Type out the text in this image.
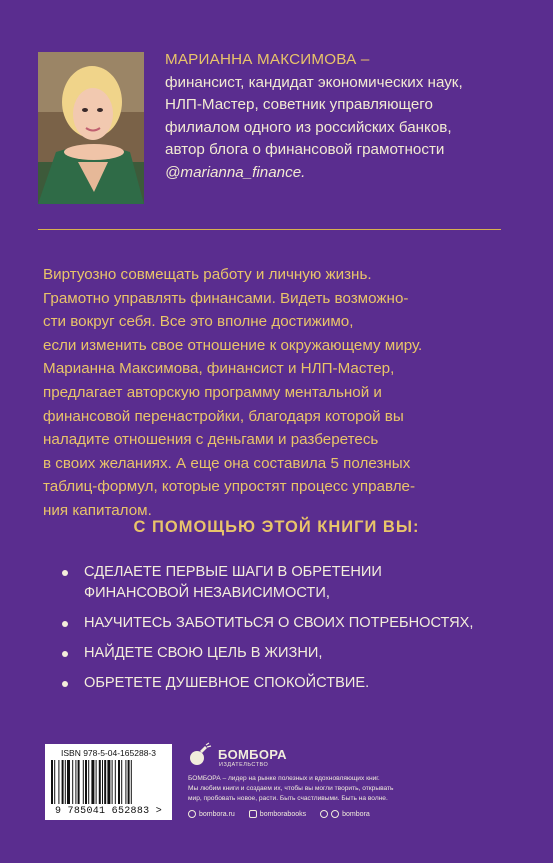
МАРИАННА МАКСИМОВА –
финансист, кандидат экономических наук,
НЛП-Мастер, советник управляющего
филиалом одного из российских банков,
автор блога о финансовой грамотности
@marianna_finance.
Виртуозно совмещать работу и личную жизнь.
Грамотно управлять финансами. Видеть возможно-
сти вокруг себя. Все это вполне достижимо,
если изменить свое отношение к окружающему миру.
Марианна Максимова, финансист и НЛП-Мастер,
предлагает авторскую программу ментальной и
финансовой перенастройки, благодаря которой вы
наладите отношения с деньгами и разберетесь
в своих желаниях. А еще она составила 5 полезных
таблиц-формул, которые упростят процесс управле-
ния капиталом.
С ПОМОЩЬЮ ЭТОЙ КНИГИ ВЫ:
СДЕЛАЕТЕ ПЕРВЫЕ ШАГИ В ОБРЕТЕНИИ
ФИНАНСОВОЙ НЕЗАВИСИМОСТИ,
НАУЧИТЕСЬ ЗАБОТИТЬСЯ О СВОИХ ПОТРЕБНОСТЯХ,
НАЙДЕТЕ СВОЮ ЦЕЛЬ В ЖИЗНИ,
ОБРЕТЕТЕ ДУШЕВНОЕ СПОКОЙСТВИЕ.
ISBN 978-5-04-165288-3
9 785041 652883 >
БОМБОРА
ИЗДАТЕЛЬСТВО
БОМБОРА – лидер на рынке полезных и вдохновляющих книг.
Мы любим книги и создаем их, чтобы вы могли творить, открывать
мир, пробовать новое, расти. Быть счастливыми. Быть на волне.
bombora.ru	bomborabooks	bombora
